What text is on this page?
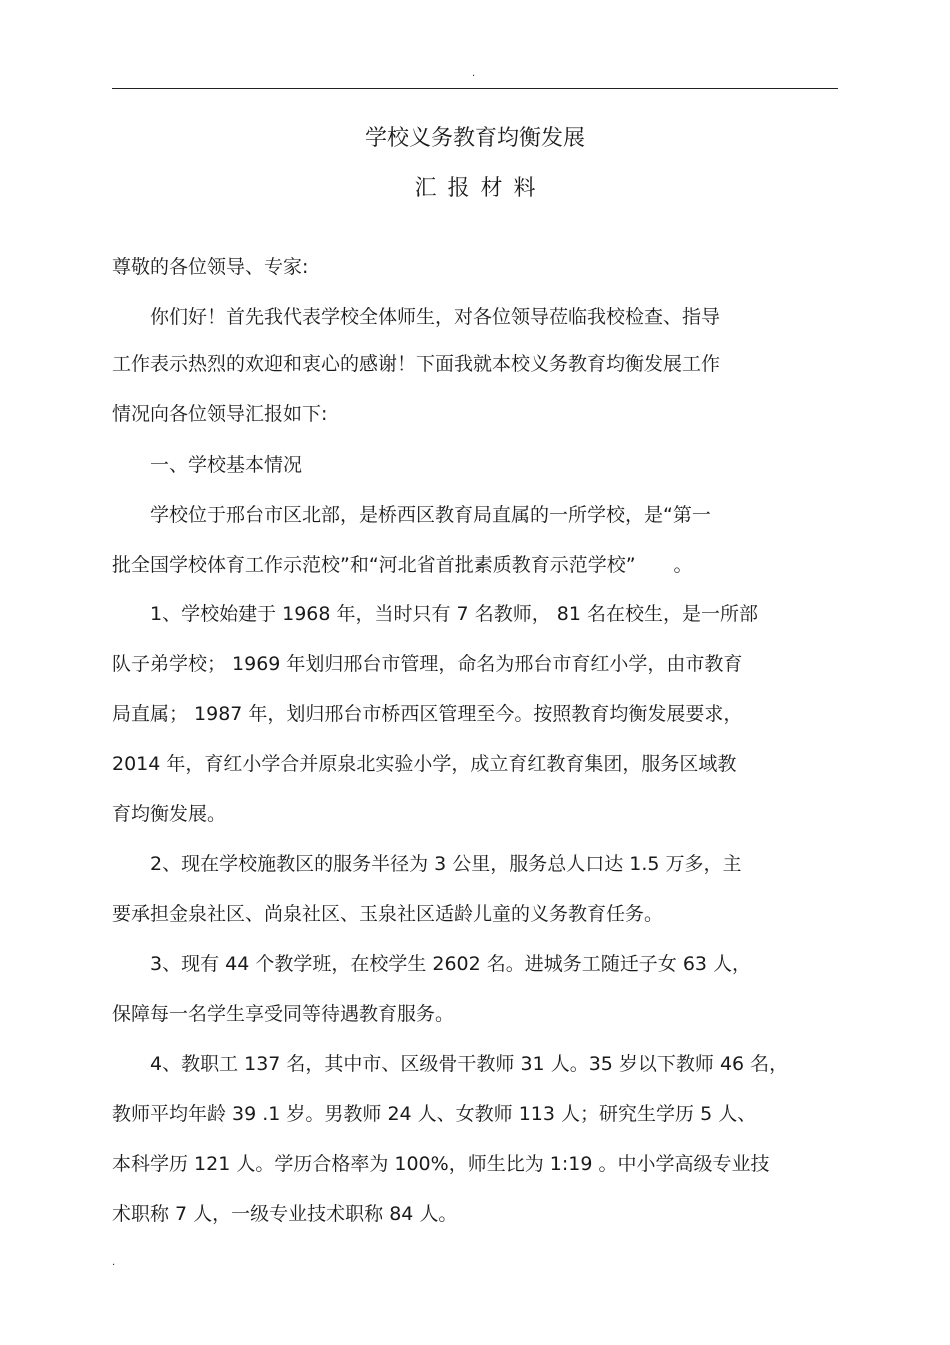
.
学校义务教育均衡发展
汇报材料
尊敬的各位领导、专家:
　　你们好！首先我代表学校全体师生，对各位领导莅临我校检查、指导
工作表示热烈的欢迎和衷心的感谢！下面我就本校义务教育均衡发展工作
情况向各位领导汇报如下:
　　一、学校基本情况
　　学校位于邢台市区北部，是桥西区教育局直属的一所学校，是“第一
批全国学校体育工作示范校”和“河北省首批素质教育示范学校”　　。
　　1、学校始建于 1968 年，当时只有 7 名教师， 81 名在校生，是一所部
队子弟学校； 1969 年划归邢台市管理，命名为邢台市育红小学，由市教育
局直属； 1987 年，划归邢台市桥西区管理至今。按照教育均衡发展要求，
2014 年，育红小学合并原泉北实验小学，成立育红教育集团，服务区域教
育均衡发展。
　　2、现在学校施教区的服务半径为 3 公里，服务总人口达 1.5 万多，主
要承担金泉社区、尚泉社区、玉泉社区适龄儿童的义务教育任务。
　　3、现有 44 个教学班，在校学生 2602 名。进城务工随迁子女 63 人，
保障每一名学生享受同等待遇教育服务。
　　4、教职工 137 名，其中市、区级骨干教师 31 人。35 岁以下教师 46 名，
教师平均年龄 39 .1 岁。男教师 24 人、女教师 113 人；研究生学历 5 人、
本科学历 121 人。学历合格率为 100%，师生比为 1:19 。中小学高级专业技
术职称 7 人，一级专业技术职称 84 人。
.
